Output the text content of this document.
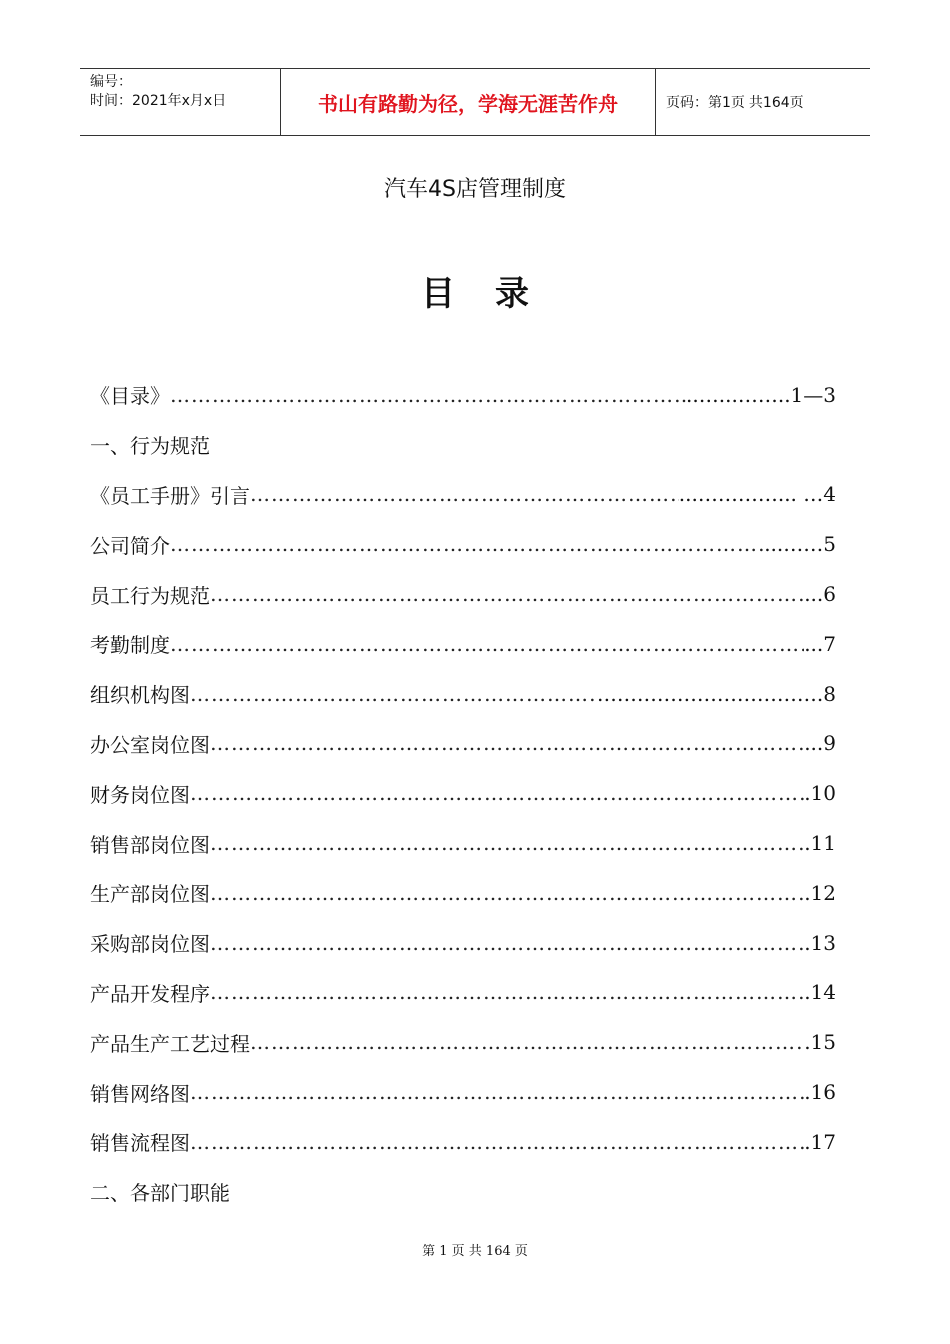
编号：
时间：2021年x月x日	书山有路勤为径，学海无涯苦作舟	页码：第1页 共164页
汽车4S店管理制度
目录
《目录》 …………………………………………………………………………………………………………………………	..…...……..1—3
一、行为规范
《员工手册》引言 …………………………………………………………………………………………………………………………	...…………... …4
公司简介 …………………………………………………………………………………………………………………………	...……5
员工行为规范 …………………………………………………………………………………………………………………………	...6
考勤制度 …………………………………………………………………………………………………………………………	...7
组织机构图 …………………………………………………………………………………………………………………………	…………………………….8
办公室岗位图 …………………………………………………………………………………………………………………………	...9
财务岗位图 …………………………………………………………………………………………………………………………	.10
销售部岗位图 …………………………………………………………………………………………………………………………	.11
生产部岗位图 …………………………………………………………………………………………………………………………	.12
采购部岗位图 …………………………………………………………………………………………………………………………	.13
产品开发程序 …………………………………………………………………………………………………………………………	.14
产品生产工艺过程 …………………………………………………………………………………………………………………………	.15
销售网络图 …………………………………………………………………………………………………………………………	.16
销售流程图 …………………………………………………………………………………………………………………………	.17
二、各部门职能
第 1 页 共 164 页
